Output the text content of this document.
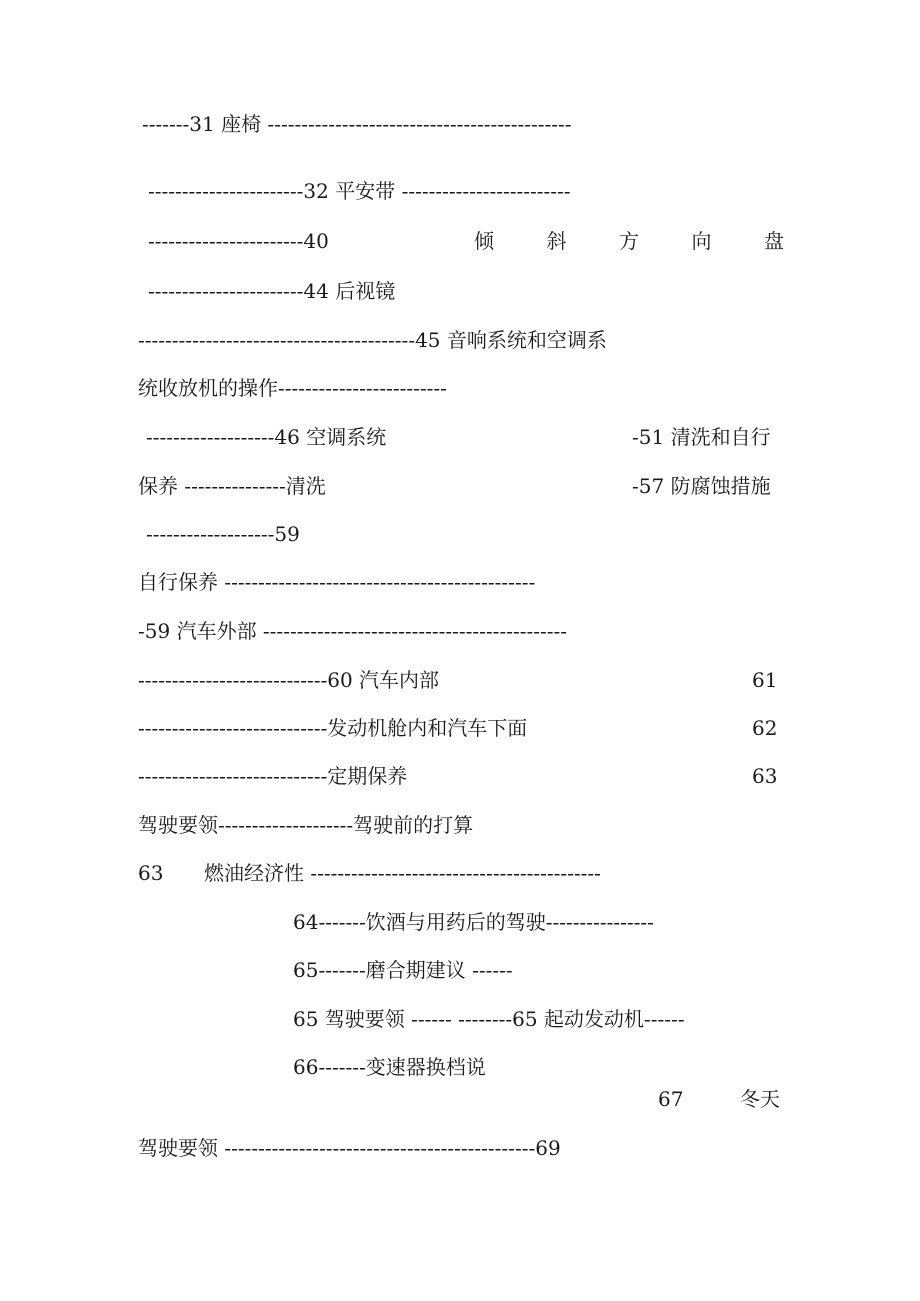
-------31 座椅 ---------------------------------------------
-----------------------32 平安带 -------------------------
-----------------------40	倾	斜	方	向	盘
-----------------------44 后视镜
-----------------------------------------45 音响系统和空调系
统收放机的操作-------------------------
-------------------46 空调系统	-51 清洗和自行
保养 ---------------清洗	-57 防腐蚀措施
-------------------59
自行保养 ----------------------------------------------
-59 汽车外部 ---------------------------------------------
----------------------------60 汽车内部	61
----------------------------发动机舱内和汽车下面	62
----------------------------定期保养	63
驾驶要领--------------------驾驶前的打算
63 燃油经济性 -------------------------------------------
64-------饮酒与用药后的驾驶----------------
65-------磨合期建议 ------
65 驾驶要领 ------ --------65 起动发动机------
66-------变速器换档说
67	冬天
驾驶要领 ----------------------------------------------69
